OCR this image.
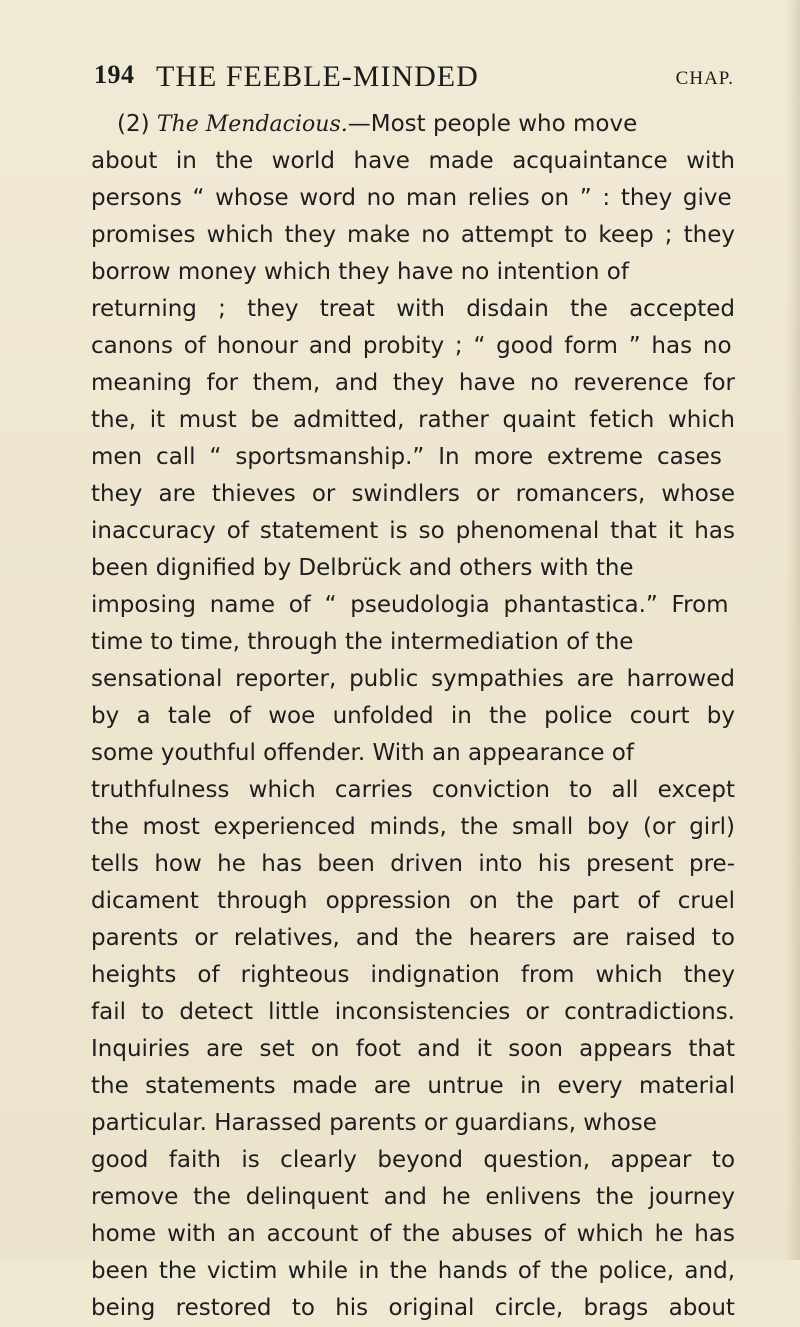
194 THE FEEBLE-MINDED	CHAP.
(2) The Mendacious.—Most people who move
about in the world have made acquaintance with
persons “ whose word no man relies on ” : they give
promises which they make no attempt to keep ; they
borrow money which they have no intention of
returning ; they treat with disdain the accepted
canons of honour and probity ; “ good form ” has no
meaning for them, and they have no reverence for
the, it must be admitted, rather quaint fetich which
men call “ sportsmanship.” In more extreme cases
they are thieves or swindlers or romancers, whose
inaccuracy of statement is so phenomenal that it has
been dignified by Delbrück and others with the
imposing name of “ pseudologia phantastica.” From
time to time, through the intermediation of the
sensational reporter, public sympathies are harrowed
by a tale of woe unfolded in the police court by
some youthful offender. With an appearance of
truthfulness which carries conviction to all except
the most experienced minds, the small boy (or girl)
tells how he has been driven into his present pre-
dicament through oppression on the part of cruel
parents or relatives, and the hearers are raised to
heights of righteous indignation from which they
fail to detect little inconsistencies or contradictions.
Inquiries are set on foot and it soon appears that
the statements made are untrue in every material
particular. Harassed parents or guardians, whose
good faith is clearly beyond question, appear to
remove the delinquent and he enlivens the journey
home with an account of the abuses of which he has
been the victim while in the hands of the police, and,
being restored to his original circle, brags about
